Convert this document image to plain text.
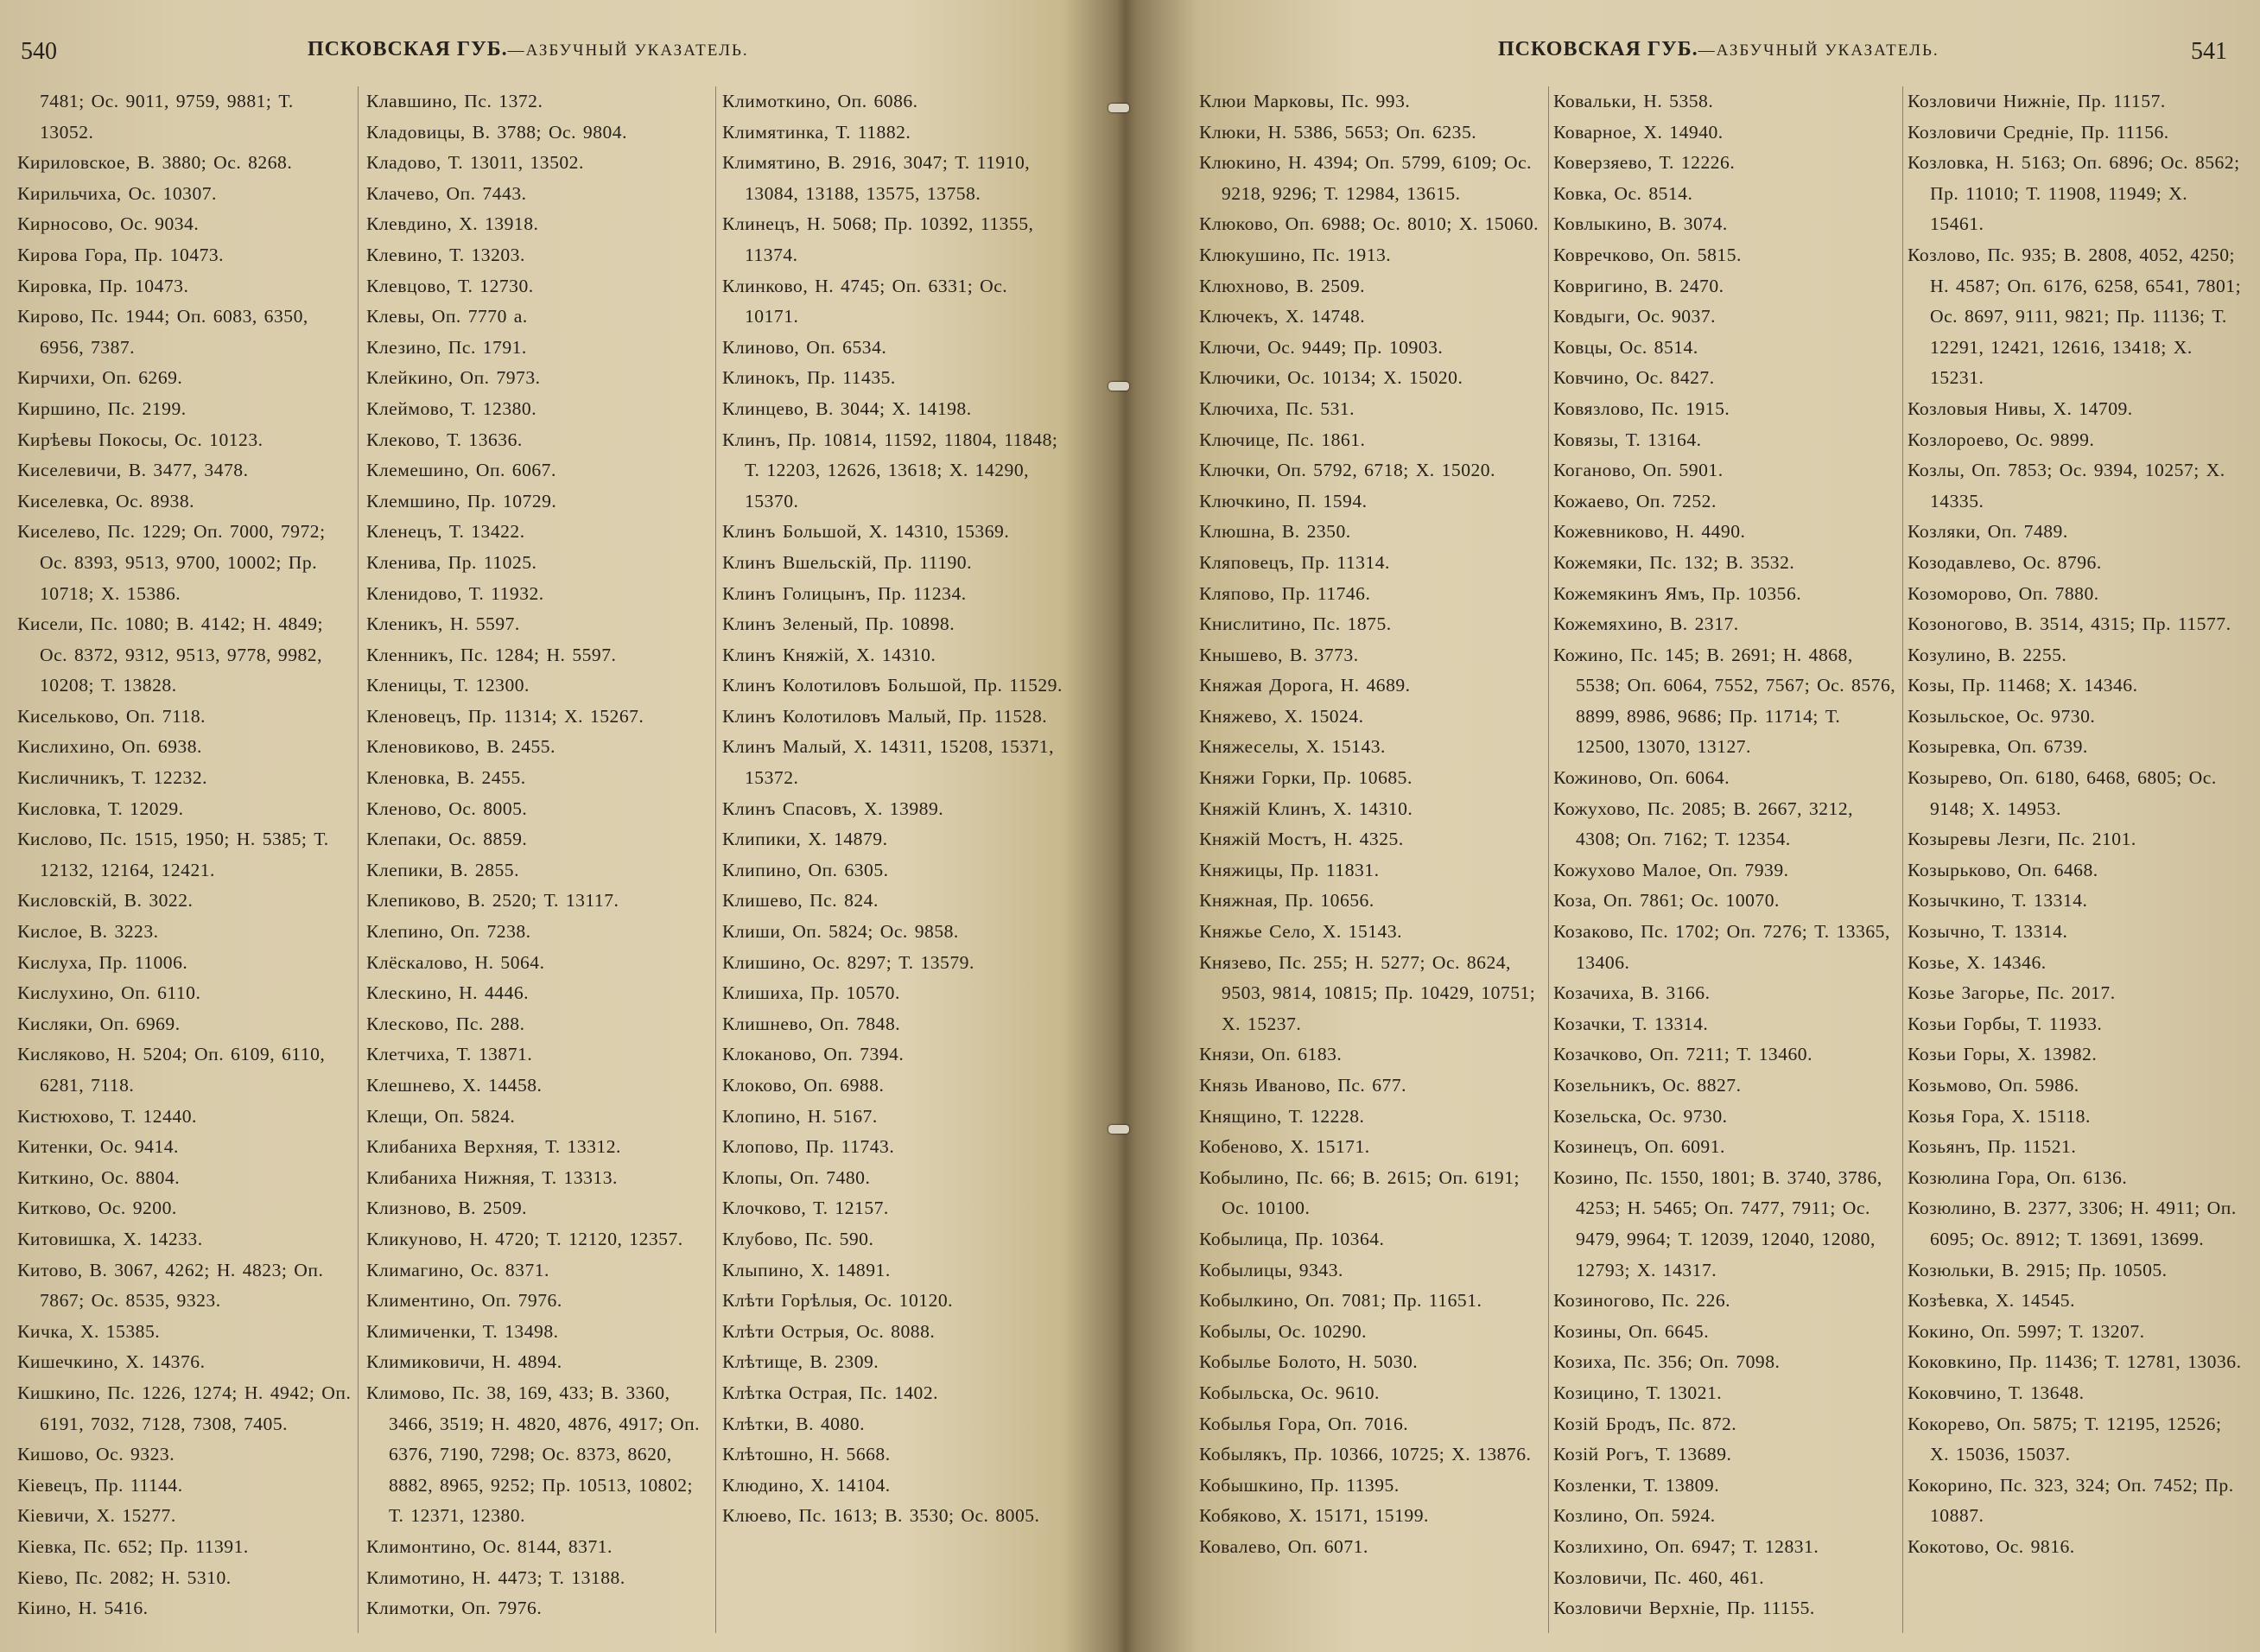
540	ПСКОВСКАЯ ГУБ.—АЗБУЧНЫЙ УКАЗАТЕЛЬ.
7481; Ос. 9011, 9759, 9881; Т. 13052.
Кириловское, В. 3880; Ос. 8268.
Кирильчиха, Ос. 10307.
Кирносово, Ос. 9034.
Кирова Гора, Пр. 10473.
Кировка, Пр. 10473.
Кирово, Пс. 1944; Оп. 6083, 6350, 6956, 7387.
Кирчихи, Оп. 6269.
Киршино, Пс. 2199.
Кирѣевы Покосы, Ос. 10123.
Киселевичи, В. 3477, 3478.
Киселевка, Ос. 8938.
Киселево, Пс. 1229; Оп. 7000, 7972; Ос. 8393, 9513, 9700, 10002; Пр. 10718; Х. 15386.
Кисели, Пс. 1080; В. 4142; Н. 4849; Ос. 8372, 9312, 9513, 9778, 9982, 10208; Т. 13828.
Кисельково, Оп. 7118.
Кислихино, Оп. 6938.
Кисличникъ, Т. 12232.
Кисловка, Т. 12029.
Кислово, Пс. 1515, 1950; Н. 5385; Т. 12132, 12164, 12421.
Кисловскій, В. 3022.
Кислое, В. 3223.
Кислуха, Пр. 11006.
Кислухино, Оп. 6110.
Кисляки, Оп. 6969.
Кисляково, Н. 5204; Оп. 6109, 6110, 6281, 7118.
Кистюхово, Т. 12440.
Китенки, Ос. 9414.
Киткино, Ос. 8804.
Китково, Ос. 9200.
Китовишка, Х. 14233.
Китово, В. 3067, 4262; Н. 4823; Оп. 7867; Ос. 8535, 9323.
Кичка, Х. 15385.
Кишечкино, Х. 14376.
Кишкино, Пс. 1226, 1274; Н. 4942; Оп. 6191, 7032, 7128, 7308, 7405.
Кишово, Ос. 9323.
Кіевецъ, Пр. 11144.
Кіевичи, Х. 15277.
Кіевка, Пс. 652; Пр. 11391.
Кіево, Пс. 2082; Н. 5310.
Кіино, Н. 5416.
Клавшино, Пс. 1372.
Кладовицы, В. 3788; Ос. 9804.
Кладово, Т. 13011, 13502.
Клачево, Оп. 7443.
Клевдино, Х. 13918.
Клевино, Т. 13203.
Клевцово, Т. 12730.
Клевы, Оп. 7770 а.
Клезино, Пс. 1791.
Клейкино, Оп. 7973.
Клеймово, Т. 12380.
Клеково, Т. 13636.
Клемешино, Оп. 6067.
Клемшино, Пр. 10729.
Кленецъ, Т. 13422.
Кленива, Пр. 11025.
Кленидово, Т. 11932.
Кленикъ, Н. 5597.
Кленникъ, Пс. 1284; Н. 5597.
Кленицы, Т. 12300.
Кленовецъ, Пр. 11314; Х. 15267.
Кленовиково, В. 2455.
Кленовка, В. 2455.
Кленово, Ос. 8005.
Клепаки, Ос. 8859.
Клепики, В. 2855.
Клепиково, В. 2520; Т. 13117.
Клепино, Оп. 7238.
Клёскалово, Н. 5064.
Клескино, Н. 4446.
Клесково, Пс. 288.
Клетчиха, Т. 13871.
Клешнево, Х. 14458.
Клещи, Оп. 5824.
Клибаниха Верхняя, Т. 13312.
Клибаниха Нижняя, Т. 13313.
Клизново, В. 2509.
Кликуново, Н. 4720; Т. 12120, 12357.
Климагино, Ос. 8371.
Климентино, Оп. 7976.
Климиченки, Т. 13498.
Климиковичи, Н. 4894.
Климово, Пс. 38, 169, 433; В. 3360, 3466, 3519; Н. 4820, 4876, 4917; Оп. 6376, 7190, 7298; Ос. 8373, 8620, 8882, 8965, 9252; Пр. 10513, 10802; Т. 12371, 12380.
Климонтино, Ос. 8144, 8371.
Климотино, Н. 4473; Т. 13188.
Климотки, Оп. 7976.
Климоткино, Оп. 6086.
Климятинка, Т. 11882.
Климятино, В. 2916, 3047; Т. 11910, 13084, 13188, 13575, 13758.
Клинецъ, Н. 5068; Пр. 10392, 11355, 11374.
Клинково, Н. 4745; Оп. 6331; Ос. 10171.
Клиново, Оп. 6534.
Клинокъ, Пр. 11435.
Клинцево, В. 3044; Х. 14198.
Клинъ, Пр. 10814, 11592, 11804, 11848; Т. 12203, 12626, 13618; Х. 14290, 15370.
Клинъ Большой, Х. 14310, 15369.
Клинъ Вшельскій, Пр. 11190.
Клинъ Голицынъ, Пр. 11234.
Клинъ Зеленый, Пр. 10898.
Клинъ Княжій, Х. 14310.
Клинъ Колотиловъ Большой, Пр. 11529.
Клинъ Колотиловъ Малый, Пр. 11528.
Клинъ Малый, Х. 14311, 15208, 15371, 15372.
Клинъ Спасовъ, Х. 13989.
Клипики, Х. 14879.
Клипино, Оп. 6305.
Клишево, Пс. 824.
Клиши, Оп. 5824; Ос. 9858.
Клишино, Ос. 8297; Т. 13579.
Клишиха, Пр. 10570.
Клишнево, Оп. 7848.
Клоканово, Оп. 7394.
Клоково, Оп. 6988.
Клопино, Н. 5167.
Клопово, Пр. 11743.
Клопы, Оп. 7480.
Клочково, Т. 12157.
Клубово, Пс. 590.
Клыпино, Х. 14891.
Клѣти Горѣлыя, Ос. 10120.
Клѣти Острыя, Ос. 8088.
Клѣтище, В. 2309.
Клѣтка Острая, Пс. 1402.
Клѣтки, В. 4080.
Клѣтошно, Н. 5668.
Клюдино, Х. 14104.
Клюево, Пс. 1613; В. 3530; Ос. 8005.
ПСКОВСКАЯ ГУБ.—АЗБУЧНЫЙ УКАЗАТЕЛЬ.	541
Клюи Марковы, Пс. 993.
Клюки, Н. 5386, 5653; Оп. 6235.
Клюкино, Н. 4394; Оп. 5799, 6109; Ос. 9218, 9296; Т. 12984, 13615.
Клюково, Оп. 6988; Ос. 8010; Х. 15060.
Клюкушино, Пс. 1913.
Клюхново, В. 2509.
Ключекъ, Х. 14748.
Ключи, Ос. 9449; Пр. 10903.
Ключики, Ос. 10134; Х. 15020.
Ключиха, Пс. 531.
Ключице, Пс. 1861.
Ключки, Оп. 5792, 6718; Х. 15020.
Ключкино, П. 1594.
Клюшна, В. 2350.
Кляповецъ, Пр. 11314.
Кляпово, Пр. 11746.
Книслитино, Пс. 1875.
Кнышево, В. 3773.
Княжая Дорога, Н. 4689.
Княжево, Х. 15024.
Княжеселы, Х. 15143.
Княжи Горки, Пр. 10685.
Княжій Клинъ, Х. 14310.
Княжій Мостъ, Н. 4325.
Княжицы, Пр. 11831.
Княжная, Пр. 10656.
Княжье Село, Х. 15143.
Князево, Пс. 255; Н. 5277; Ос. 8624, 9503, 9814, 10815; Пр. 10429, 10751; Х. 15237.
Князи, Оп. 6183.
Князь Иваново, Пс. 677.
Княщино, Т. 12228.
Кобеново, Х. 15171.
Кобылино, Пс. 66; В. 2615; Оп. 6191; Ос. 10100.
Кобылица, Пр. 10364.
Кобылицы, 9343.
Кобылкино, Оп. 7081; Пр. 11651.
Кобылы, Ос. 10290.
Кобылье Болото, Н. 5030.
Кобыльска, Ос. 9610.
Кобылья Гора, Оп. 7016.
Кобылякъ, Пр. 10366, 10725; Х. 13876.
Кобышкино, Пр. 11395.
Кобяково, Х. 15171, 15199.
Ковалево, Оп. 6071.
Ковальки, Н. 5358.
Коварное, Х. 14940.
Коверзяево, Т. 12226.
Ковка, Ос. 8514.
Ковлыкино, В. 3074.
Ковречково, Оп. 5815.
Ковригино, В. 2470.
Ковдыги, Ос. 9037.
Ковцы, Ос. 8514.
Ковчино, Ос. 8427.
Ковязлово, Пс. 1915.
Ковязы, Т. 13164.
Коганово, Оп. 5901.
Кожаево, Оп. 7252.
Кожевниково, Н. 4490.
Кожемяки, Пс. 132; В. 3532.
Кожемякинъ Ямъ, Пр. 10356.
Кожемяхино, В. 2317.
Кожино, Пс. 145; В. 2691; Н. 4868, 5538; Оп. 6064, 7552, 7567; Ос. 8576, 8899, 8986, 9686; Пр. 11714; Т. 12500, 13070, 13127.
Кожиново, Оп. 6064.
Кожухово, Пс. 2085; В. 2667, 3212, 4308; Оп. 7162; Т. 12354.
Кожухово Малое, Оп. 7939.
Коза, Оп. 7861; Ос. 10070.
Козаково, Пс. 1702; Оп. 7276; Т. 13365, 13406.
Козачиха, В. 3166.
Козачки, Т. 13314.
Козачково, Оп. 7211; Т. 13460.
Козельникъ, Ос. 8827.
Козельска, Ос. 9730.
Козинецъ, Оп. 6091.
Козино, Пс. 1550, 1801; В. 3740, 3786, 4253; Н. 5465; Оп. 7477, 7911; Ос. 9479, 9964; Т. 12039, 12040, 12080, 12793; Х. 14317.
Козиногово, Пс. 226.
Козины, Оп. 6645.
Козиха, Пс. 356; Оп. 7098.
Козицино, Т. 13021.
Козій Бродъ, Пс. 872.
Козій Рогъ, Т. 13689.
Козленки, Т. 13809.
Козлино, Оп. 5924.
Козлихино, Оп. 6947; Т. 12831.
Козловичи, Пс. 460, 461.
Козловичи Верхніе, Пр. 11155.
Козловичи Нижніе, Пр. 11157.
Козловичи Средніе, Пр. 11156.
Козловка, Н. 5163; Оп. 6896; Ос. 8562; Пр. 11010; Т. 11908, 11949; Х. 15461.
Козлово, Пс. 935; В. 2808, 4052, 4250; Н. 4587; Оп. 6176, 6258, 6541, 7801; Ос. 8697, 9111, 9821; Пр. 11136; Т. 12291, 12421, 12616, 13418; Х. 15231.
Козловыя Нивы, Х. 14709.
Козлороево, Ос. 9899.
Козлы, Оп. 7853; Ос. 9394, 10257; Х. 14335.
Козляки, Оп. 7489.
Козодавлево, Ос. 8796.
Козоморово, Оп. 7880.
Козоногово, В. 3514, 4315; Пр. 11577.
Козулино, В. 2255.
Козы, Пр. 11468; Х. 14346.
Козыльское, Ос. 9730.
Козыревка, Оп. 6739.
Козырево, Оп. 6180, 6468, 6805; Ос. 9148; Х. 14953.
Козыревы Лезги, Пс. 2101.
Козырьково, Оп. 6468.
Козычкино, Т. 13314.
Козычно, Т. 13314.
Козье, Х. 14346.
Козье Загорье, Пс. 2017.
Козьи Горбы, Т. 11933.
Козьи Горы, Х. 13982.
Козьмово, Оп. 5986.
Козья Гора, Х. 15118.
Козьянъ, Пр. 11521.
Козюлина Гора, Оп. 6136.
Козюлино, В. 2377, 3306; Н. 4911; Оп. 6095; Ос. 8912; Т. 13691, 13699.
Козюльки, В. 2915; Пр. 10505.
Козѣевка, Х. 14545.
Кокино, Оп. 5997; Т. 13207.
Коковкино, Пр. 11436; Т. 12781, 13036.
Коковчино, Т. 13648.
Кокорево, Оп. 5875; Т. 12195, 12526; Х. 15036, 15037.
Кокорино, Пс. 323, 324; Оп. 7452; Пр. 10887.
Кокотово, Ос. 9816.
